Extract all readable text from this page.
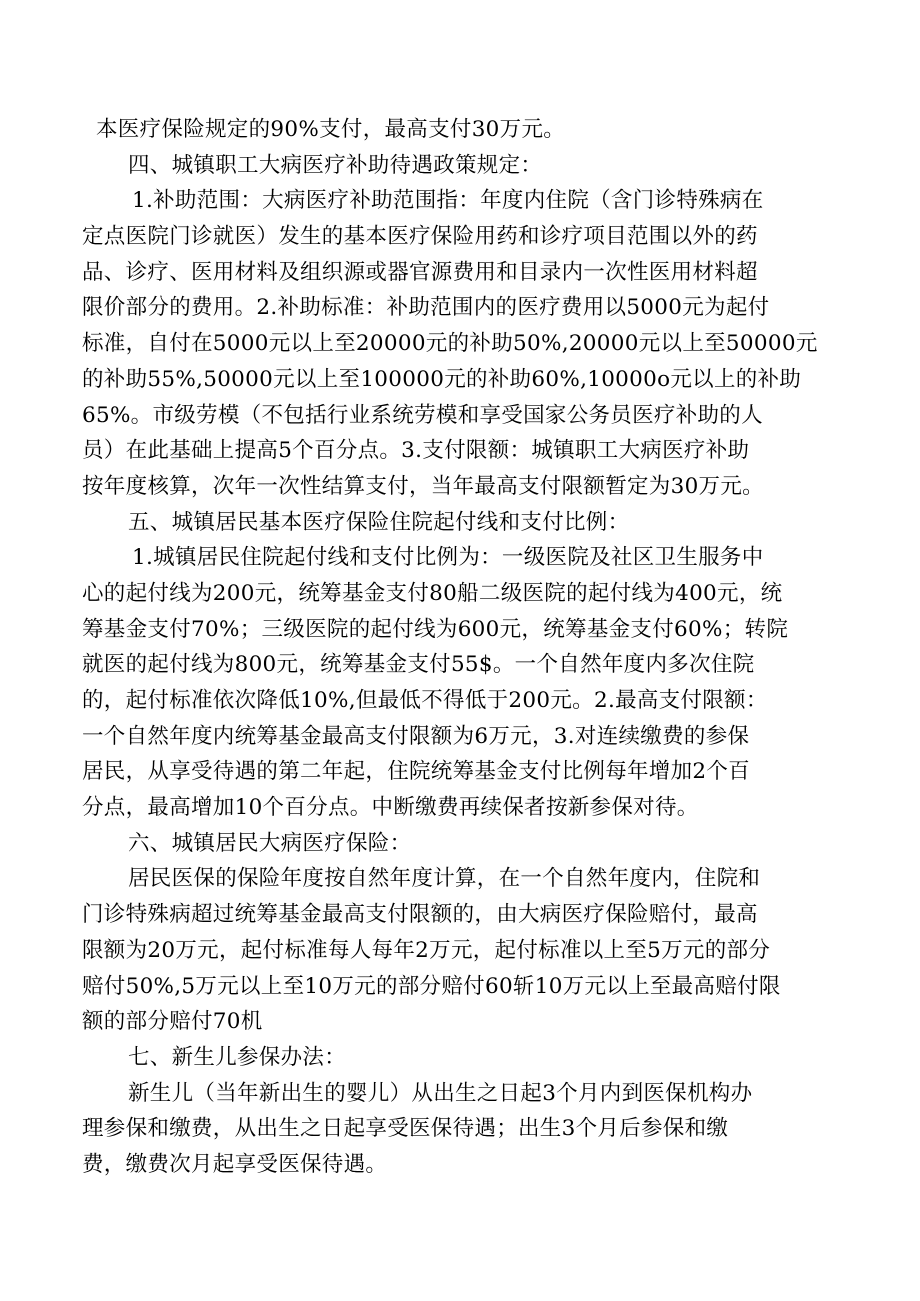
本医疗保险规定的90%支付，最高支付30万元。
四、城镇职工大病医疗补助待遇政策规定：
1.补助范围：大病医疗补助范围指：年度内住院（含门诊特殊病在
定点医院门诊就医）发生的基本医疗保险用药和诊疗项目范围以外的药
品、诊疗、医用材料及组织源或器官源费用和目录内一次性医用材料超
限价部分的费用。2.补助标准：补助范围内的医疗费用以5000元为起付
标准，自付在5000元以上至20000元的补助50%,20000元以上至50000元
的补助55%,50000元以上至100000元的补助60%,10000o元以上的补助
65%。市级劳模（不包括行业系统劳模和享受国家公务员医疗补助的人
员）在此基础上提高5个百分点。3.支付限额：城镇职工大病医疗补助
按年度核算，次年一次性结算支付，当年最高支付限额暂定为30万元。
五、城镇居民基本医疗保险住院起付线和支付比例：
1.城镇居民住院起付线和支付比例为：一级医院及社区卫生服务中
心的起付线为200元，统筹基金支付80船二级医院的起付线为400元，统
筹基金支付70%；三级医院的起付线为600元，统筹基金支付60%；转院
就医的起付线为800元，统筹基金支付55$。一个自然年度内多次住院
的，起付标准依次降低10%,但最低不得低于200元。2.最高支付限额：
一个自然年度内统筹基金最高支付限额为6万元，3.对连续缴费的参保
居民，从享受待遇的第二年起，住院统筹基金支付比例每年增加2个百
分点，最高增加10个百分点。中断缴费再续保者按新参保对待。
六、城镇居民大病医疗保险：
居民医保的保险年度按自然年度计算，在一个自然年度内，住院和
门诊特殊病超过统筹基金最高支付限额的，由大病医疗保险赔付，最高
限额为20万元，起付标准每人每年2万元，起付标准以上至5万元的部分
赔付50%,5万元以上至10万元的部分赔付60斩10万元以上至最高赔付限
额的部分赔付70机
七、新生儿参保办法：
新生儿（当年新出生的婴儿）从出生之日起3个月内到医保机构办
理参保和缴费，从出生之日起享受医保待遇；出生3个月后参保和缴
费，缴费次月起享受医保待遇。
